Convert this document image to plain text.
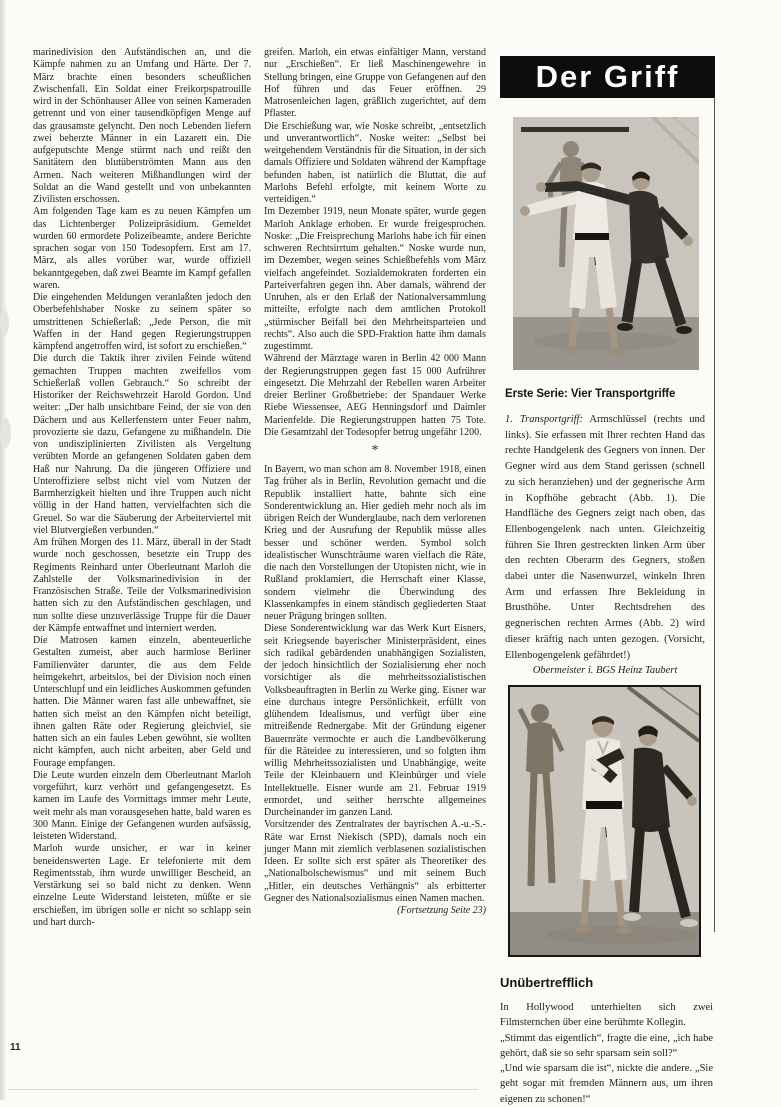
marinedivision den Aufständischen an, und die Kämpfe nahmen zu an Umfang und Härte. Der 7. März brachte einen besonders scheußlichen Zwischenfall. Ein Soldat einer Freikorpspatrouille wird in der Schönhauser Allee von seinen Kameraden getrennt und von einer tausendköpfigen Menge auf das grausamste gelyncht. Den noch Lebenden liefern zwei beherzte Männer in ein Lazarett ein. Die aufgeputschte Menge stürmt nach und reißt den Sanitätern den blutüberströmten Mann aus den Armen. Nach weiteren Mißhandlungen wird der Soldat an die Wand gestellt und von unbekannten Zivilisten erschossen.

Am folgenden Tage kam es zu neuen Kämpfen um das Lichtenberger Polizeipräsidium. Gemeldet wurden 60 ermordete Polizeibeamte, andere Berichte sprachen sogar von 150 Todesopfern. Erst am 17. März, als alles vorüber war, wurde offiziell bekanntgegeben, daß zwei Beamte im Kampf gefallen waren.

Die eingehenden Meldungen veranlaßten jedoch den Oberbefehlshaber Noske zu seinem später so umstrittenen Schießerlaß: „Jede Person, die mit Waffen in der Hand gegen Regierungstruppen kämpfend angetroffen wird, ist sofort zu erschießen.“

Die durch die Taktik ihrer zivilen Feinde wütend gemachten Truppen machten zweifellos vom Schießerlaß vollen Gebrauch.“ So schreibt der Historiker der Reichswehrzeit Harold Gordon. Und weiter: „Der halb unsichtbare Feind, der sie von den Dächern und aus Kellerfenstern unter Feuer nahm, provozierte sie dazu, Gefangene zu mißhandeln. Die von undisziplinierten Zivilisten als Vergeltung verübten Morde an gefangenen Soldaten gaben dem Haß nur Nahrung. Da die jüngeren Offiziere und Unteroffiziere selbst nicht viel vom Nutzen der Barmherzigkeit hielten und ihre Truppen auch nicht völlig in der Hand hatten, vervielfachten sich die Greuel. So war die Säuberung der Arbeiterviertel mit viel Blutvergießen verbunden.“

Am frühen Morgen des 11. März, überall in der Stadt wurde noch geschossen, besetzte ein Trupp des Regiments Reinhard unter Oberleutnant Marloh die Zahlstelle der Volksmarinedivision in der Französischen Straße. Teile der Volksmarinedivision hatten sich zu den Aufständischen geschlagen, und nun sollte diese unzuverlässige Truppe für die Dauer der Kämpfe entwaffnet und interniert werden.

Die Matrosen kamen einzeln, abenteuerliche Gestalten zumeist, aber auch harmlose Berliner Familienväter darunter, die aus dem Felde heimgekehrt, arbeitslos, bei der Division noch einen Unterschlupf und ein leidliches Auskommen gefunden hatten. Die Männer waren fast alle unbewaffnet, sie hatten sich meist an den Kämpfen nicht beteiligt, ihnen galten Räte oder Regierung gleichviel, sie hatten sich an ein faules Leben gewöhnt, sie wollten nicht kämpfen, auch nicht arbeiten, aber Geld und Fourage empfangen.

Die Leute wurden einzeln dem Oberleutnant Marloh vorgeführt, kurz verhört und gefangengesetzt. Es kamen im Laufe des Vormittags immer mehr Leute, weit mehr als man vorausgesehen hatte, bald waren es 300 Mann. Einige der Gefangenen wurden aufsässig, leisteten Widerstand.

Marloh wurde unsicher, er war in keiner beneidenswerten Lage. Er telefonierte mit dem Regimentsstab, ihm wurde unwilliger Bescheid, an Verstärkung sei so bald nicht zu denken. Wenn einzelne Leute Widerstand leisteten, müßte er sie erschießen, im übrigen solle er nicht so schlapp sein und hart durch-

greifen. Marloh, ein etwas einfältiger Mann, verstand nur „Erschießen“. Er ließ Maschinengewehre in Stellung bringen, eine Gruppe von Gefangenen auf den Hof führen und das Feuer eröffnen. 29 Matrosenleichen lagen, gräßlich zugerichtet, auf dem Pflaster.

Die Erschießung war, wie Noske schreibt, „entsetzlich und unverantwortlich“. Noske weiter: „Selbst bei weitgehendem Verständnis für die Situation, in der sich damals Offiziere und Soldaten während der Kampftage befunden haben, ist natürlich die Bluttat, die auf Marlohs Befehl erfolgte, mit keinem Worte zu verteidigen.“

Im Dezember 1919, neun Monate später, wurde gegen Marloh Anklage erhoben. Er wurde freigesprochen. Noske: „Die Freisprechung Marlohs habe ich für einen schweren Rechtsirrtum gehalten.“ Noske wurde nun, im Dezember, wegen seines Schießbefehls vom März vielfach angefeindet. Sozialdemokraten forderten ein Parteiverfahren gegen ihn. Aber damals, während der Unruhen, als er den Erlaß der Nationalversammlung mitteilte, erfolgte nach dem amtlichen Protokoll „stürmischer Beifall bei den Mehrheitsparteien und rechts“. Also auch die SPD-Fraktion hatte ihm damals zugestimmt.

Während der Märztage waren in Berlin 42 000 Mann der Regierungstruppen gegen fast 15 000 Aufrührer eingesetzt. Die Mehrzahl der Rebellen waren Arbeiter dreier Berliner Großbetriebe: der Spandauer Werke Riebe Wiessensee, AEG Henningsdorf und Daimler Marienfelde. Die Regierungstruppen hatten 75 Tote. Die Gesamtzahl der Todesopfer betrug ungefähr 1200.

*

In Bayern, wo man schon am 8. November 1918, einen Tag früher als in Berlin, Revolution gemacht und die Republik installiert hatte, bahnte sich eine Sonderentwicklung an. Hier gedieh mehr noch als im übrigen Reich der Wunderglaube, nach dem verlorenen Krieg und der Ausrufung der Republik müsse alles besser und schöner werden. Symbol solch idealistischer Wunschträume waren vielfach die Räte, die nach den Vorstellungen der Utopisten nicht, wie in Rußland proklamiert, die Herrschaft einer Klasse, sondern vielmehr die Überwindung des Klassenkampfes in einem ständisch gegliederten Staat neuer Prägung bringen sollten.

Diese Sonderentwicklung war das Werk Kurt Eisners, seit Kriegsende bayerischer Ministerpräsident, eines sich radikal gebärdenden unabhängigen Sozialisten, der jedoch hinsichtlich der Sozialisierung eher noch vorsichtiger als die mehrheitssozialistischen Volksbeauftragten in Berlin zu Werke ging. Eisner war eine durchaus integre Persönlichkeit, erfüllt von glühendem Idealismus, und verfügt über eine mitreißende Rednergabe. Mit der Gründung eigener Bauernräte vermochte er auch die Landbevölkerung für die Räteidee zu interessieren, und so folgten ihm willig Mehrheitssozialisten und Unabhängige, weite Teile der Kleinbauern und Kleinbürger und viele Intellektuelle. Eisner wurde am 21. Februar 1919 ermordet, und seither herrschte allgemeines Durcheinander im ganzen Land.

Vorsitzender des Zentralrates der bayrischen A.-u.-S.-Räte war Ernst Niekisch (SPD), damals noch ein junger Mann mit ziemlich verblasenen sozialistischen Ideen. Er sollte sich erst später als Theoretiker des „Nationalbolschewismus“ und mit seinem Buch „Hitler, ein deutsches Verhängnis“ als erbitterter Gegner des Nationalsozialismus einen Namen machen.

(Fortsetzung Seite 23)

Der Griff
Erste Serie: Vier Transportgriffe

1. Transportgriff: Armschlüssel (rechts und links). Sie erfassen mit Ihrer rechten Hand das rechte Handgelenk des Gegners von innen. Der Gegner wird aus dem Stand gerissen (schnell zu sich heranziehen) und der gegnerische Arm in Kopfhöhe gebracht (Abb. 1). Die Handfläche des Gegners zeigt nach oben, das Ellenbogengelenk nach unten. Gleichzeitig führen Sie Ihren gestreckten linken Arm über den rechten Oberarm des Gegners, stoßen dabei unter die Nasenwurzel, winkeln Ihren Arm und erfassen Ihre Bekleidung in Brusthöhe. Unter Rechtsdrehen des gegnerischen rechten Armes (Abb. 2) wird dieser kräftig nach unten gezogen. (Vorsicht, Ellenbogengelenk gefährdet!)

Obermeister i. BGS Heinz Taubert

Unübertrefflich

In Hollywood unterhielten sich zwei Filmsternchen über eine berühmte Kollegin.

„Stimmt das eigentlich“, fragte die eine, „ich habe gehört, daß sie so sehr sparsam sein soll?“

„Und wie sparsam die ist“, nickte die andere. „Sie geht sogar mit fremden Männern aus, um ihren eigenen zu schonen!“

11
